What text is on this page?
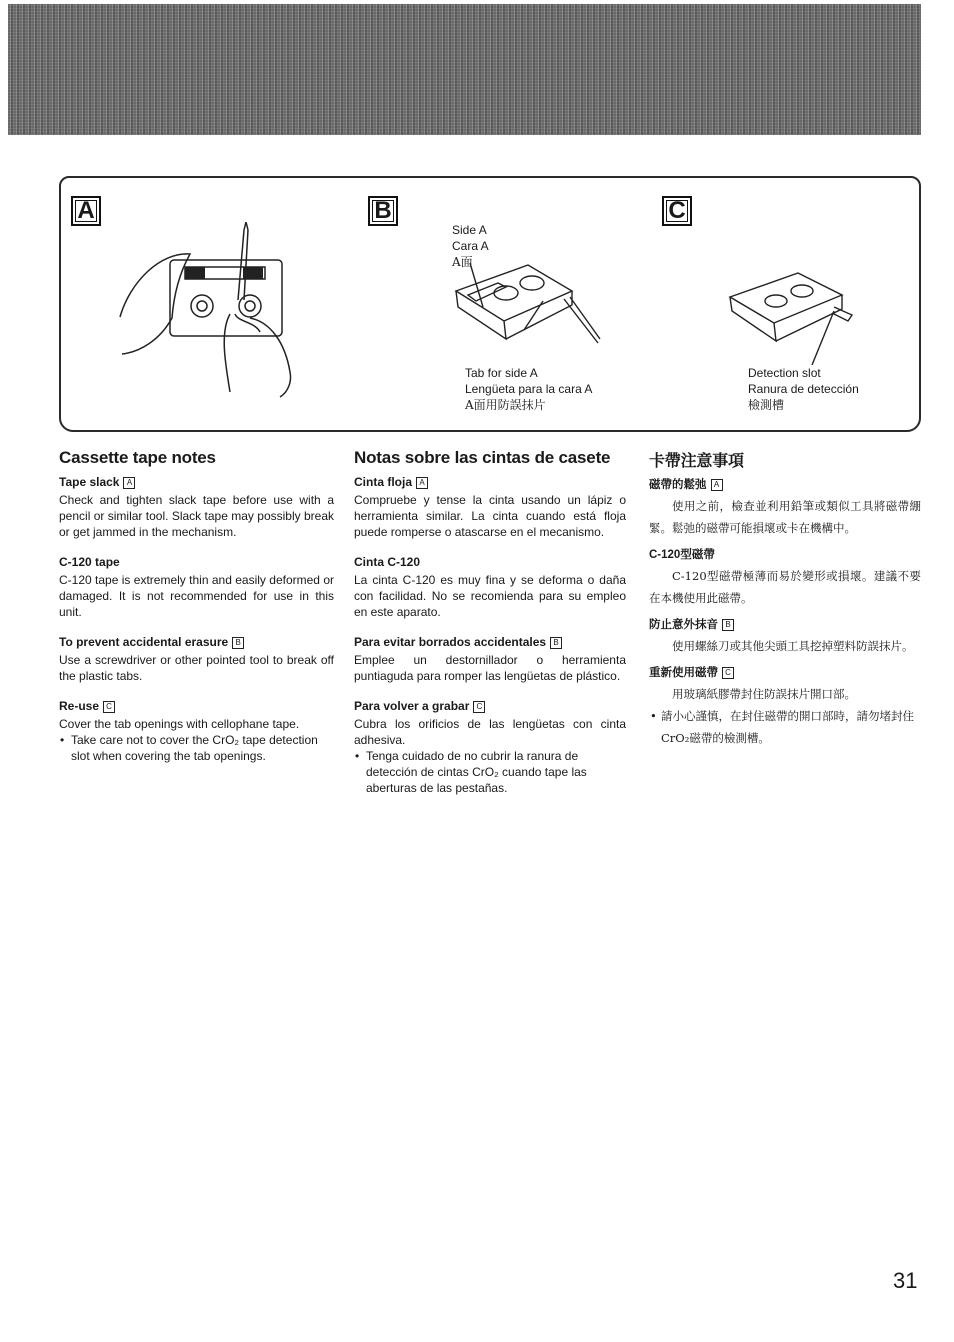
A	B
Side A
Cara A
A面
Tab for side A
Lengüeta para la cara A
A面用防誤抹片
C
Detection slot
Ranura de detección
檢測槽
Cassette tape notes
Tape slack A

Check and tighten slack tape before use with a pencil or similar tool. Slack tape may possibly break or get jammed in the mechanism.

C-120 tape

C-120 tape is extremely thin and easily deformed or damaged. It is not recommended for use in this unit.

To prevent accidental erasure B

Use a screwdriver or other pointed tool to break off the plastic tabs.

Re-use C

Cover the tab openings with cellophane tape.

• Take care not to cover the CrO₂ tape detection slot when covering the tab openings.
Notas sobre las cintas de casete
Cinta floja A

Compruebe y tense la cinta usando un lápiz o herramienta similar. La cinta cuando está floja puede romperse o atascarse en el mecanismo.

Cinta C-120

La cinta C-120 es muy fina y se deforma o daña con facilidad. No se recomienda para su empleo en este aparato.

Para evitar borrados accidentales B

Emplee un destornillador o herramienta puntiaguda para romper las lengüetas de plástico.

Para volver a grabar C

Cubra los orificios de las lengüetas con cinta adhesiva.

• Tenga cuidado de no cubrir la ranura de detección de cintas CrO₂ cuando tape las aberturas de las pestañas.
卡帶注意事項
磁帶的鬆弛 A

使用之前，檢查並利用鉛筆或類似工具將磁帶綳緊。鬆弛的磁帶可能損壞或卡在機構中。

C-120型磁帶

C-120型磁帶極薄而易於變形或損壞。建議不要在本機使用此磁帶。

防止意外抹音 B

使用螺絲刀或其他尖頭工具挖掉塑料防誤抹片。

重新使用磁帶 C

用玻璃紙膠帶封住防誤抹片開口部。

• 請小心謹慎，在封住磁帶的開口部時，請勿堵封住CrO₂磁帶的檢測槽。
31
